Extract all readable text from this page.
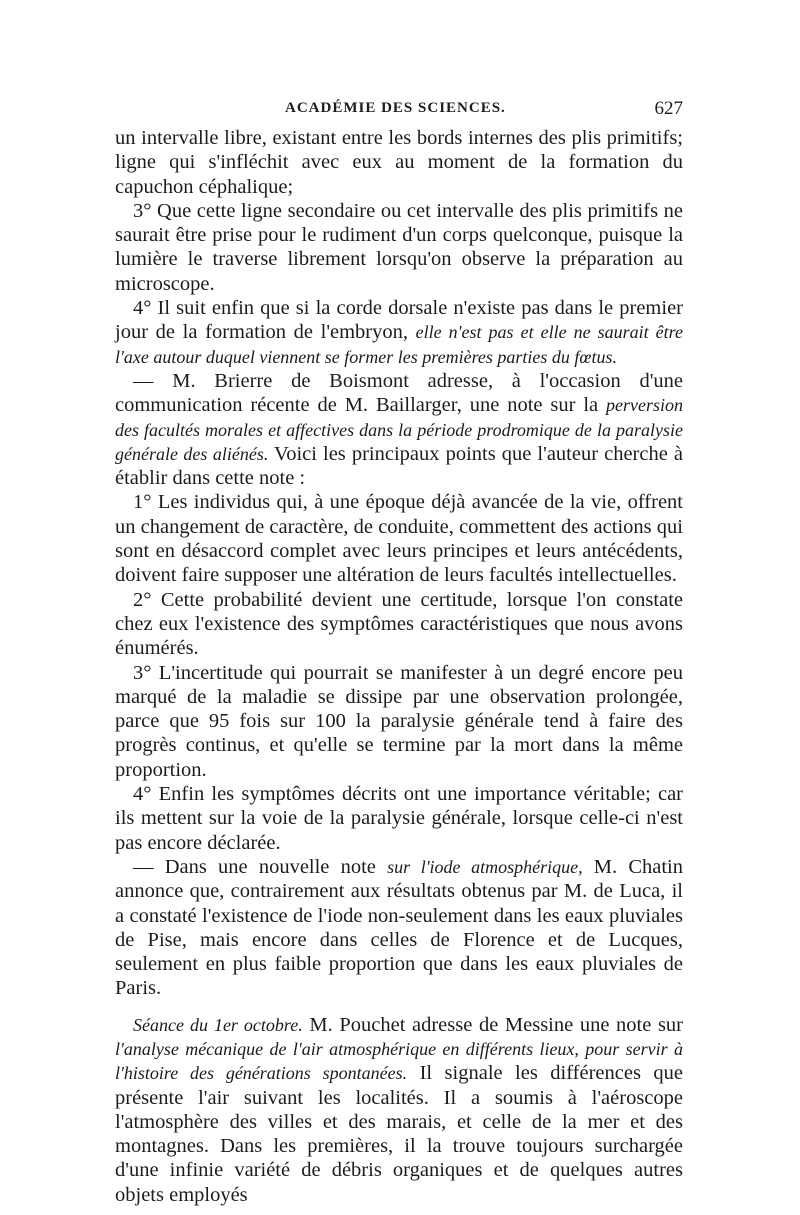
ACADÉMIE DES SCIENCES.	627

un intervalle libre, existant entre les bords internes des plis primitifs; ligne qui s'infléchit avec eux au moment de la formation du capuchon céphalique;

3° Que cette ligne secondaire ou cet intervalle des plis primitifs ne saurait être prise pour le rudiment d'un corps quelconque, puisque la lumière le traverse librement lorsqu'on observe la préparation au microscope.

4° Il suit enfin que si la corde dorsale n'existe pas dans le premier jour de la formation de l'embryon, elle n'est pas et elle ne saurait être l'axe autour duquel viennent se former les premières parties du fœtus.

— M. Brierre de Boismont adresse, à l'occasion d'une communication récente de M. Baillarger, une note sur la perversion des facultés morales et affectives dans la période prodromique de la paralysie générale des aliénés. Voici les principaux points que l'auteur cherche à établir dans cette note :

1° Les individus qui, à une époque déjà avancée de la vie, offrent un changement de caractère, de conduite, commettent des actions qui sont en désaccord complet avec leurs principes et leurs antécédents, doivent faire supposer une altération de leurs facultés intellectuelles.

2° Cette probabilité devient une certitude, lorsque l'on constate chez eux l'existence des symptômes caractéristiques que nous avons énumérés.

3° L'incertitude qui pourrait se manifester à un degré encore peu marqué de la maladie se dissipe par une observation prolongée, parce que 95 fois sur 100 la paralysie générale tend à faire des progrès continus, et qu'elle se termine par la mort dans la même proportion.

4° Enfin les symptômes décrits ont une importance véritable; car ils mettent sur la voie de la paralysie générale, lorsque celle-ci n'est pas encore déclarée.

— Dans une nouvelle note sur l'iode atmosphérique, M. Chatin annonce que, contrairement aux résultats obtenus par M. de Luca, il a constaté l'existence de l'iode non-seulement dans les eaux pluviales de Pise, mais encore dans celles de Florence et de Lucques, seulement en plus faible proportion que dans les eaux pluviales de Paris.

Séance du 1er octobre. M. Pouchet adresse de Messine une note sur l'analyse mécanique de l'air atmosphérique en différents lieux, pour servir à l'histoire des générations spontanées. Il signale les différences que présente l'air suivant les localités. Il a soumis à l'aéroscope l'atmosphère des villes et des marais, et celle de la mer et des montagnes. Dans les premières, il la trouve toujours surchargée d'une infinie variété de débris organiques et de quelques autres objets employés
